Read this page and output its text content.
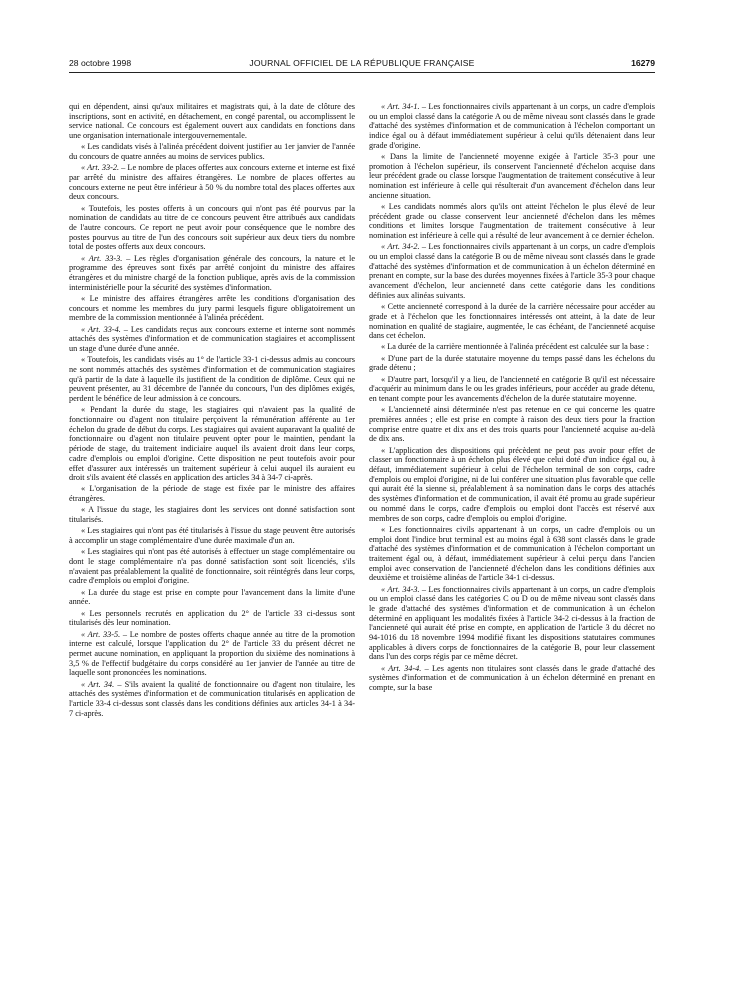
28 octobre 1998	JOURNAL OFFICIEL DE LA RÉPUBLIQUE FRANÇAISE	16279

qui en dépendent, ainsi qu'aux militaires et magistrats qui, à la date de clôture des inscriptions, sont en activité, en détachement, en congé parental, ou accomplissent le service national. Ce concours est également ouvert aux candidats en fonctions dans une organisation internationale intergouvernementale.

« Les candidats visés à l'alinéa précédent doivent justifier au 1er janvier de l'année du concours de quatre années au moins de services publics.

« Art. 33-2. – Le nombre de places offertes aux concours externe et interne est fixé par arrêté du ministre des affaires étrangères. Le nombre de places offertes au concours externe ne peut être inférieur à 50 % du nombre total des places offertes aux deux concours.

« Toutefois, les postes offerts à un concours qui n'ont pas été pourvus par la nomination de candidats au titre de ce concours peuvent être attribués aux candidats de l'autre concours. Ce report ne peut avoir pour conséquence que le nombre des postes pourvus au titre de l'un des concours soit supérieur aux deux tiers du nombre total de postes offerts aux deux concours.

« Art. 33-3. – Les règles d'organisation générale des concours, la nature et le programme des épreuves sont fixés par arrêté conjoint du ministre des affaires étrangères et du ministre chargé de la fonction publique, après avis de la commission interministérielle pour la sécurité des systèmes d'information.

« Le ministre des affaires étrangères arrête les conditions d'organisation des concours et nomme les membres du jury parmi lesquels figure obligatoirement un membre de la commission mentionnée à l'alinéa précédent.

« Art. 33-4. – Les candidats reçus aux concours externe et interne sont nommés attachés des systèmes d'information et de communication stagiaires et accomplissent un stage d'une durée d'une année.

« Toutefois, les candidats visés au 1° de l'article 33-1 ci-dessus admis au concours ne sont nommés attachés des systèmes d'information et de communication stagiaires qu'à partir de la date à laquelle ils justifient de la condition de diplôme. Ceux qui ne peuvent présenter, au 31 décembre de l'année du concours, l'un des diplômes exigés, perdent le bénéfice de leur admission à ce concours.

« Pendant la durée du stage, les stagiaires qui n'avaient pas la qualité de fonctionnaire ou d'agent non titulaire perçoivent la rémunération afférente au 1er échelon du grade de début du corps. Les stagiaires qui avaient auparavant la qualité de fonctionnaire ou d'agent non titulaire peuvent opter pour le maintien, pendant la période de stage, du traitement indiciaire auquel ils avaient droit dans leur corps, cadre d'emplois ou emploi d'origine. Cette disposition ne peut toutefois avoir pour effet d'assurer aux intéressés un traitement supérieur à celui auquel ils auraient eu droit s'ils avaient été classés en application des articles 34 à 34-7 ci-après.

« L'organisation de la période de stage est fixée par le ministre des affaires étrangères.

« A l'issue du stage, les stagiaires dont les services ont donné satisfaction sont titularisés.

« Les stagiaires qui n'ont pas été titularisés à l'issue du stage peuvent être autorisés à accomplir un stage complémentaire d'une durée maximale d'un an.

« Les stagiaires qui n'ont pas été autorisés à effectuer un stage complémentaire ou dont le stage complémentaire n'a pas donné satisfaction sont soit licenciés, s'ils n'avaient pas préalablement la qualité de fonctionnaire, soit réintégrés dans leur corps, cadre d'emplois ou emploi d'origine.

« La durée du stage est prise en compte pour l'avancement dans la limite d'une année.

« Les personnels recrutés en application du 2° de l'article 33 ci-dessus sont titularisés dès leur nomination.

« Art. 33-5. – Le nombre de postes offerts chaque année au titre de la promotion interne est calculé, lorsque l'application du 2° de l'article 33 du présent décret ne permet aucune nomination, en appliquant la proportion du sixième des nominations à 3,5 % de l'effectif budgétaire du corps considéré au 1er janvier de l'année au titre de laquelle sont prononcées les nominations.

« Art. 34. – S'ils avaient la qualité de fonctionnaire ou d'agent non titulaire, les attachés des systèmes d'information et de communication titularisés en application de l'article 33-4 ci-dessus sont classés dans les conditions définies aux articles 34-1 à 34-7 ci-après.

« Art. 34-1. – Les fonctionnaires civils appartenant à un corps, un cadre d'emplois ou un emploi classé dans la catégorie A ou de même niveau sont classés dans le grade d'attaché des systèmes d'information et de communication à l'échelon comportant un indice égal ou à défaut immédiatement supérieur à celui qu'ils détenaient dans leur grade d'origine.

« Dans la limite de l'ancienneté moyenne exigée à l'article 35-3 pour une promotion à l'échelon supérieur, ils conservent l'ancienneté d'échelon acquise dans leur précédent grade ou classe lorsque l'augmentation de traitement consécutive à leur nomination est inférieure à celle qui résulterait d'un avancement d'échelon dans leur ancienne situation.

« Les candidats nommés alors qu'ils ont atteint l'échelon le plus élevé de leur précédent grade ou classe conservent leur ancienneté d'échelon dans les mêmes conditions et limites lorsque l'augmentation de traitement consécutive à leur nomination est inférieure à celle qui a résulté de leur avancement à ce dernier échelon.

« Art. 34-2. – Les fonctionnaires civils appartenant à un corps, un cadre d'emplois ou un emploi classé dans la catégorie B ou de même niveau sont classés dans le grade d'attaché des systèmes d'information et de communication à un échelon déterminé en prenant en compte, sur la base des durées moyennes fixées à l'article 35-3 pour chaque avancement d'échelon, leur ancienneté dans cette catégorie dans les conditions définies aux alinéas suivants.

« Cette ancienneté correspond à la durée de la carrière nécessaire pour accéder au grade et à l'échelon que les fonctionnaires intéressés ont atteint, à la date de leur nomination en qualité de stagiaire, augmentée, le cas échéant, de l'ancienneté acquise dans cet échelon.

« La durée de la carrière mentionnée à l'alinéa précédent est calculée sur la base :

« D'une part de la durée statutaire moyenne du temps passé dans les échelons du grade détenu ;

« D'autre part, lorsqu'il y a lieu, de l'ancienneté en catégorie B qu'il est nécessaire d'acquérir au minimum dans le ou les grades inférieurs, pour accéder au grade détenu, en tenant compte pour les avancements d'échelon de la durée statutaire moyenne.

« L'ancienneté ainsi déterminée n'est pas retenue en ce qui concerne les quatre premières années ; elle est prise en compte à raison des deux tiers pour la fraction comprise entre quatre et dix ans et des trois quarts pour l'ancienneté acquise au-delà de dix ans.

« L'application des dispositions qui précèdent ne peut pas avoir pour effet de classer un fonctionnaire à un échelon plus élevé que celui doté d'un indice égal ou, à défaut, immédiatement supérieur à celui de l'échelon terminal de son corps, cadre d'emplois ou emploi d'origine, ni de lui conférer une situation plus favorable que celle qui aurait été la sienne si, préalablement à sa nomination dans le corps des attachés des systèmes d'information et de communication, il avait été promu au grade supérieur ou nommé dans le corps, cadre d'emplois ou emploi dont l'accès est réservé aux membres de son corps, cadre d'emplois ou emploi d'origine.

« Les fonctionnaires civils appartenant à un corps, un cadre d'emplois ou un emploi dont l'indice brut terminal est au moins égal à 638 sont classés dans le grade d'attaché des systèmes d'information et de communication à l'échelon comportant un traitement égal ou, à défaut, immédiatement supérieur à celui perçu dans l'ancien emploi avec conservation de l'ancienneté d'échelon dans les conditions définies aux deuxième et troisième alinéas de l'article 34-1 ci-dessus.

« Art. 34-3. – Les fonctionnaires civils appartenant à un corps, un cadre d'emplois ou un emploi classé dans les catégories C ou D ou de même niveau sont classés dans le grade d'attaché des systèmes d'information et de communication à un échelon déterminé en appliquant les modalités fixées à l'article 34-2 ci-dessus à la fraction de l'ancienneté qui aurait été prise en compte, en application de l'article 3 du décret no 94-1016 du 18 novembre 1994 modifié fixant les dispositions statutaires communes applicables à divers corps de fonctionnaires de la catégorie B, pour leur classement dans l'un des corps régis par ce même décret.

« Art. 34-4. – Les agents non titulaires sont classés dans le grade d'attaché des systèmes d'information et de communication à un échelon déterminé en prenant en compte, sur la base
